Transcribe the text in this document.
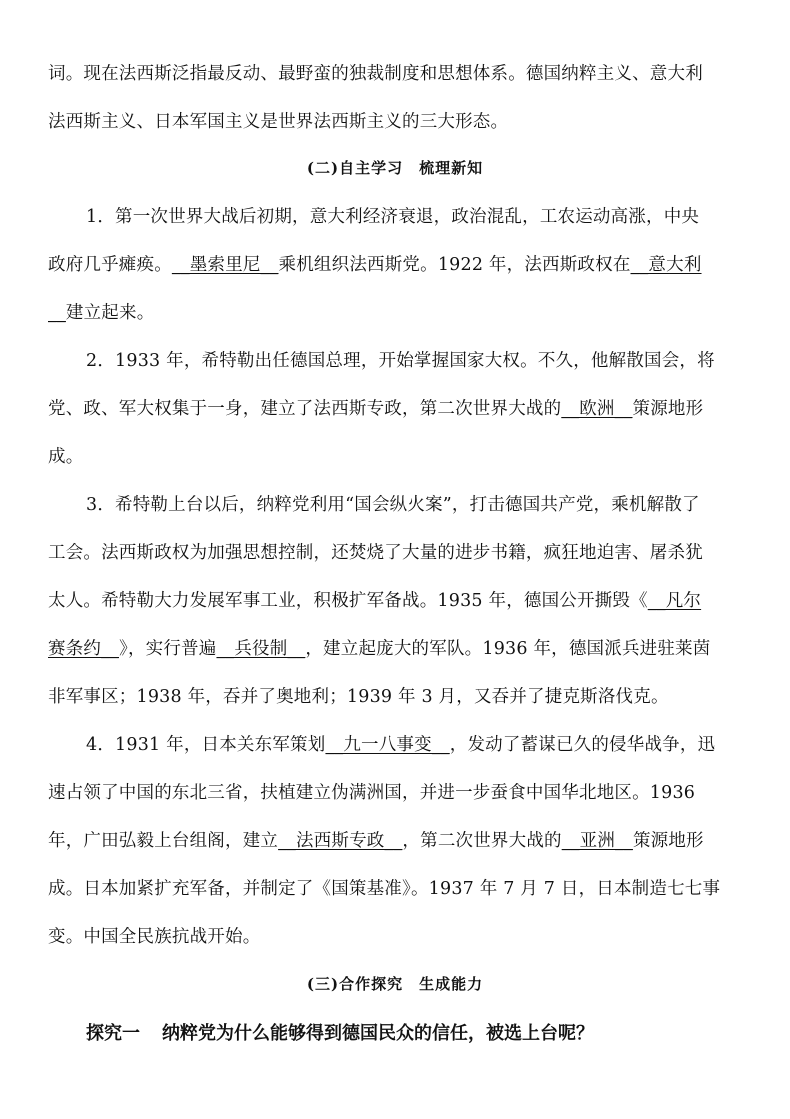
词。现在法西斯泛指最反动、最野蛮的独裁制度和思想体系。德国纳粹主义、意大利
法西斯主义、日本军国主义是世界法西斯主义的三大形态。
(二)自主学习　梳理新知
1．第一次世界大战后初期，意大利经济衰退，政治混乱，工农运动高涨，中央
政府几乎瘫痪。__墨索里尼__乘机组织法西斯党。1922 年，法西斯政权在__意大利
__建立起来。
2．1933 年，希特勒出任德国总理，开始掌握国家大权。不久，他解散国会，将
党、政、军大权集于一身，建立了法西斯专政，第二次世界大战的__欧洲__策源地形
成。
3．希特勒上台以后，纳粹党利用“国会纵火案”，打击德国共产党，乘机解散了
工会。法西斯政权为加强思想控制，还焚烧了大量的进步书籍，疯狂地迫害、屠杀犹
太人。希特勒大力发展军事工业，积极扩军备战。1935 年，德国公开撕毁《__凡尔
赛条约__》，实行普遍__兵役制__，建立起庞大的军队。1936 年，德国派兵进驻莱茵
非军事区；1938 年，吞并了奥地利；1939 年 3 月，又吞并了捷克斯洛伐克。
4．1931 年，日本关东军策划__九一八事变__，发动了蓄谋已久的侵华战争，迅
速占领了中国的东北三省，扶植建立伪满洲国，并进一步蚕食中国华北地区。1936
年，广田弘毅上台组阁，建立__法西斯专政__，第二次世界大战的__亚洲__策源地形
成。日本加紧扩充军备，并制定了《国策基准》。1937 年 7 月 7 日，日本制造七七事
变。中国全民族抗战开始。
(三)合作探究　生成能力
探究一 纳粹党为什么能够得到德国民众的信任，被选上台呢？
